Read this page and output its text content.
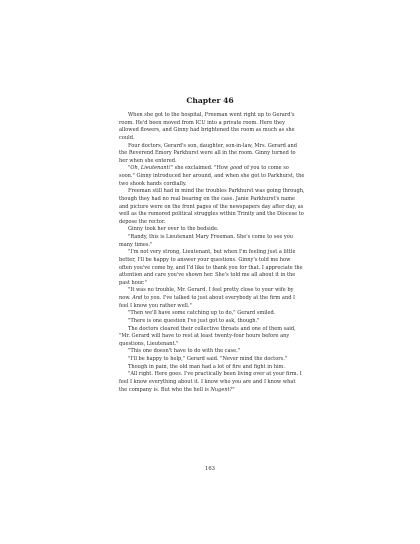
Chapter 46

When she got to the hospital, Freeman went right up to Gerard's room. He'd been moved from ICU into a private room. Here they allowed flowers, and Ginny had brightened the room as much as she could.

Four doctors, Gerard's son, daughter, son-in-law, Mrs. Gerard and the Reverend Emory Parkhurst were all in the room. Ginny turned to her when she entered.

"Oh, Lieutenant!" she exclaimed. "How good of you to come so soon." Ginny introduced her around, and when she got to Parkhurst, the two shook hands cordially.

Freeman still had in mind the troubles Parkhurst was going through, though they had no real bearing on the case. Janie Parkhurst's name and picture were on the front pages of the newspapers day after day, as well as the rumored political struggles within Trinity and the Diocese to depose the rector.

Ginny took her over to the bedside.

"Randy, this is Lieutenant Mary Freeman. She's come to see you many times."

"I'm not very strong, Lieutenant, but when I'm feeling just a little better, I'll be happy to answer your questions. Ginny's told me how often you've come by, and I'd like to thank you for that. I appreciate the attention and care you've shown her. She's told me all about it in the past hour."

"It was no trouble, Mr. Gerard. I feel pretty close to your wife by now. And to you. I've talked to just about everybody at the firm and I feel I know you rather well."

"Then we'll have some catching up to do," Gerard smiled.

"There is one question I've just got to ask, though."

The doctors cleared their collective throats and one of them said, "Mr. Gerard will have to rest at least twenty-four hours before any questions, Lieutenant."

"This one doesn't have to do with the case."

"I'll be happy to help," Gerard said. "Never mind the doctors."

Though in pain, the old man had a lot of fire and fight in him.

"All right. Here goes. I've practically been living over at your firm. I feel I know everything about it. I know who you are and I know what the company is. But who the hell is Nugent?"

163
